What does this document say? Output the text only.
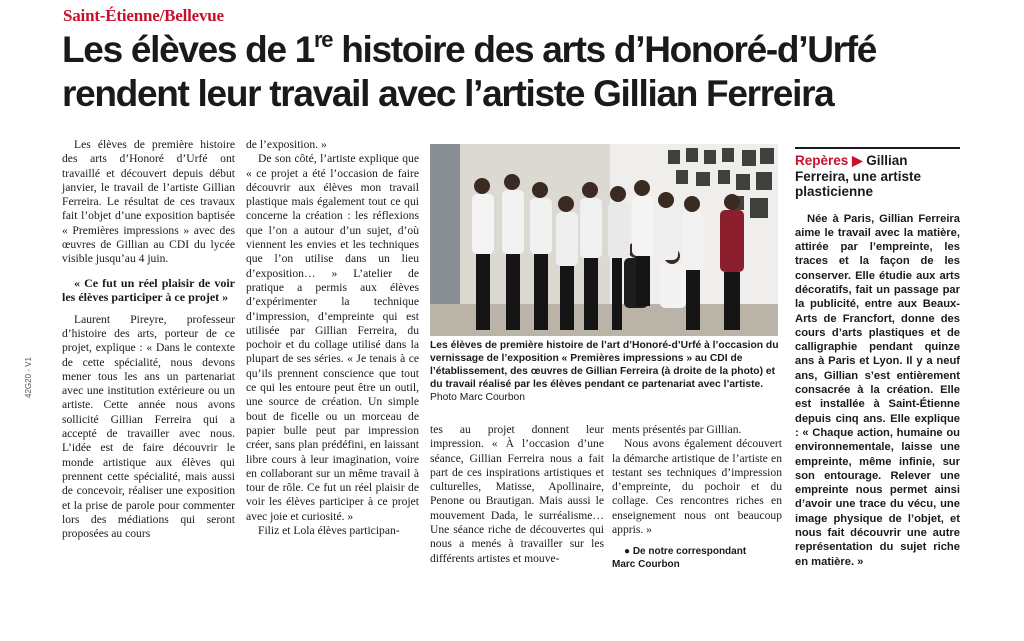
Saint-Étienne/Bellevue
Les élèves de 1re histoire des arts d’Honoré-d’Urfé
rendent leur travail avec l’artiste Gillian Ferreira
42G20 - V1

Les élèves de première histoire des arts d’Honoré d’Urfé ont travaillé et découvert depuis début janvier, le travail de l’artiste Gillian Ferreira. Le résultat de ces travaux fait l’objet d’une exposition baptisée « Premières impressions » avec des œuvres de Gillian au CDI du lycée visible jusqu’au 4 juin.

« Ce fut un réel plaisir de voir les élèves participer à ce projet »

Laurent Pireyre, professeur d’histoire des arts, porteur de ce projet, explique : « Dans le contexte de cette spécialité, nous devons mener tous les ans un partenariat avec une institution extérieure ou un artiste. Cette année nous avons sollicité Gillian Ferreira qui a accepté de travailler avec nous. L’idée est de faire découvrir le monde artistique aux élèves qui prennent cette spécialité, mais aussi de concevoir, réaliser une exposition et la prise de parole pour commenter lors des médiations qui seront proposées au cours

de l’exposition. »

De son côté, l’artiste explique que « ce projet a été l’occasion de faire découvrir aux élèves mon travail plastique mais également tout ce qui concerne la création : les réflexions que l’on a autour d’un sujet, d’où viennent les envies et les techniques que l’on utilise dans un lieu d’exposition… » L’atelier de pratique a permis aux élèves d’expérimenter la technique d’impression, d’empreinte qui est utilisée par Gillian Ferreira, du pochoir et du collage utilisé dans la plupart de ses séries. « Je tenais à ce qu’ils prennent conscience que tout ce qui les entoure peut être un outil, une source de création. Un simple bout de ficelle ou un morceau de papier bulle peut par impression créer, sans plan prédéfini, en laissant libre cours à leur imagination, voire en collaborant sur un même travail à tour de rôle. Ce fut un réel plaisir de voir les élèves participer à ce projet avec joie et curiosité. »

Filiz et Lola élèves participan-

Les élèves de première histoire de l’art d’Honoré-d’Urfé à l’occasion du vernissage de l’exposition « Premières impressions » au CDI de l’établissement, des œuvres de Gillian Ferreira (à droite de la photo) et du travail réalisé par les élèves pendant ce partenariat avec l’artiste. Photo Marc Courbon

tes au projet donnent leur impression. « À l’occasion d’une séance, Gillian Ferreira nous a fait part de ces inspirations artistiques et culturelles, Matisse, Apollinaire, Penone ou Brautigan. Mais aussi le mouvement Dada, le surréalisme… Une séance riche de découvertes qui nous a menés à travailler sur les différents artistes et mouve-

ments présentés par Gillian.

Nous avons également découvert la démarche artistique de l’artiste en testant ses techniques d’impression d’empreinte, du pochoir et du collage. Ces rencontres riches en enseignement nous ont beaucoup appris. »

● De notre correspondant
Marc Courbon

Repères ▶ Gillian Ferreira, une artiste plasticienne

Née à Paris, Gillian Ferreira aime le travail avec la matière, attirée par l’empreinte, les traces et la façon de les conserver. Elle étudie aux arts décoratifs, fait un passage par la publicité, entre aux Beaux-Arts de Francfort, donne des cours d’arts plastiques et de calligraphie pendant quinze ans à Paris et Lyon. Il y a neuf ans, Gillian s’est entièrement consacrée à la création. Elle est installée à Saint-Étienne depuis cinq ans. Elle explique : « Chaque action, humaine ou environnementale, laisse une empreinte, même infinie, sur son entourage. Relever une empreinte nous permet ainsi d’avoir une trace du vécu, une image physique de l’objet, et nous fait découvrir une autre représentation du sujet riche en matière. »
